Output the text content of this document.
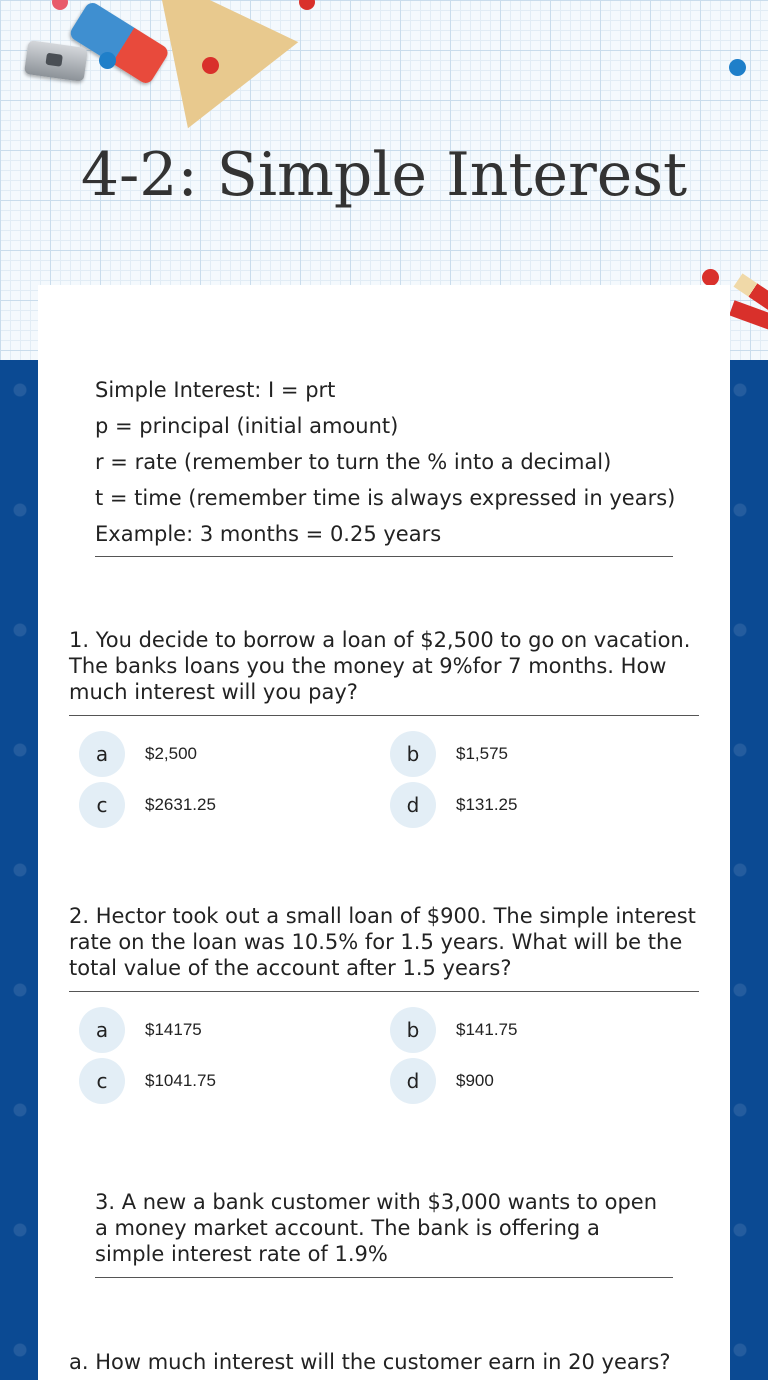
4-2: Simple Interest
Simple Interest: I = prt
p = principal (initial amount)
r = rate (remember to turn the % into a decimal)
t = time (remember time is always expressed in years)
Example: 3 months = 0.25 years
1. You decide to borrow a loan of $2,500 to go on vacation. The banks loans you the money at 9%for 7 months. How much interest will you pay?
a	$2,500	b	$1,575
c	$2631.25	d	$131.25
2. Hector took out a small loan of $900. The simple interest rate on the loan was 10.5% for 1.5 years. What will be the total value of the account after 1.5 years?
a	$14175	b	$141.75
c	$1041.75	d	$900
3. A new a bank customer with $3,000 wants to open a money market account. The bank is offering a simple interest rate of 1.9%
a. How much interest will the customer earn in 20 years?
